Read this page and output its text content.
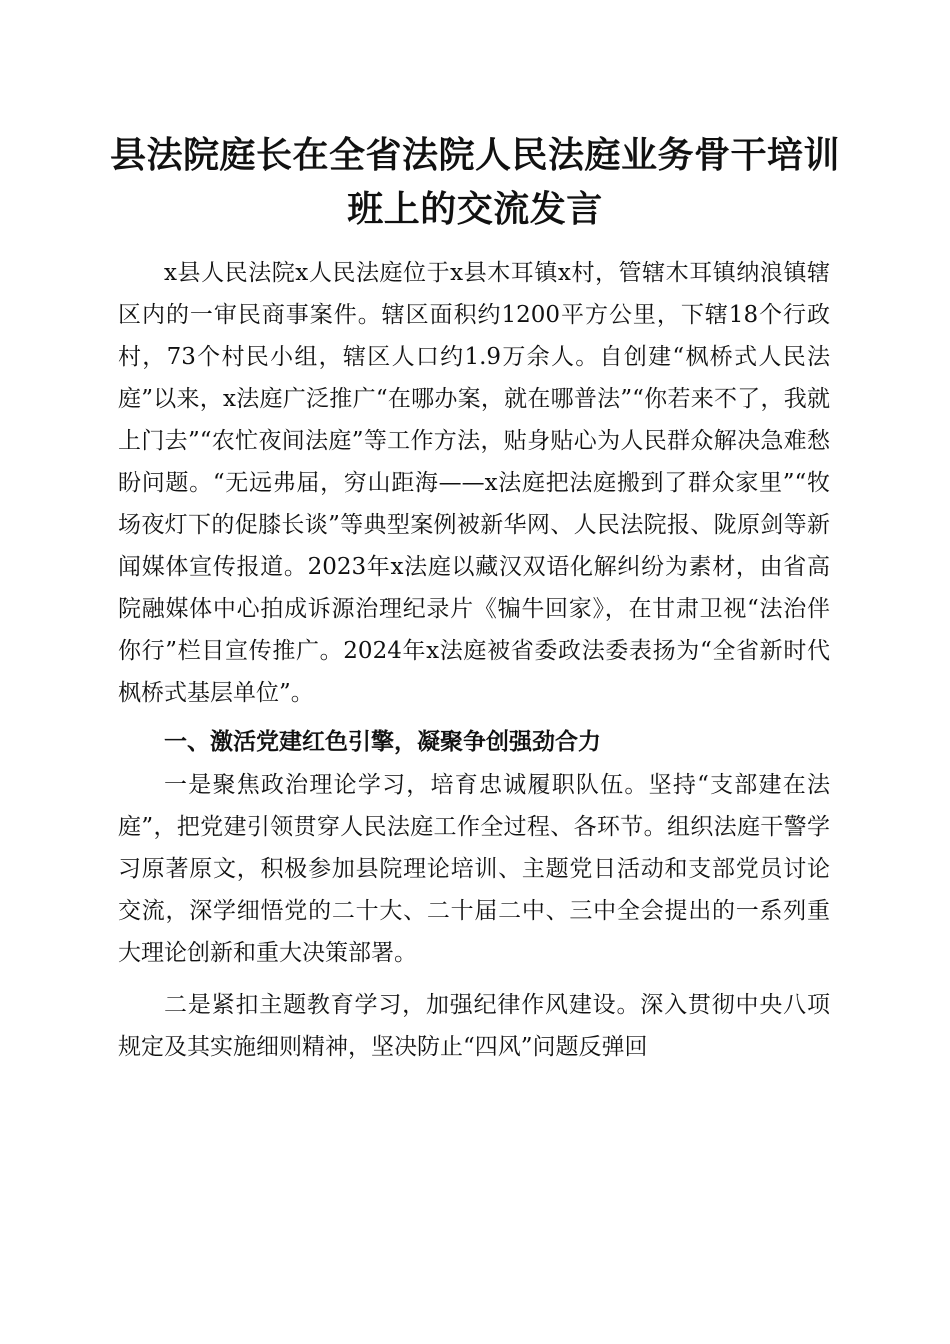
县法院庭长在全省法院人民法庭业务骨干培训
班上的交流发言

x县人民法院x人民法庭位于x县木耳镇x村，管辖木耳镇纳浪镇辖区内的一审民商事案件。辖区面积约1200平方公里，下辖18个行政村，73个村民小组，辖区人口约1.9万余人。自创建“枫桥式人民法庭”以来，x法庭广泛推广“在哪办案，就在哪普法”“你若来不了，我就上门去”“农忙夜间法庭”等工作方法，贴身贴心为人民群众解决急难愁盼问题。“无远弗届，穷山距海——x法庭把法庭搬到了群众家里”“牧场夜灯下的促膝长谈”等典型案例被新华网、人民法院报、陇原剑等新闻媒体宣传报道。2023年x法庭以藏汉双语化解纠纷为素材，由省高院融媒体中心拍成诉源治理纪录片《犏牛回家》，在甘肃卫视“法治伴你行”栏目宣传推广。2024年x法庭被省委政法委表扬为“全省新时代枫桥式基层单位”。

一、激活党建红色引擎，凝聚争创强劲合力

一是聚焦政治理论学习，培育忠诚履职队伍。坚持“支部建在法庭”，把党建引领贯穿人民法庭工作全过程、各环节。组织法庭干警学习原著原文，积极参加县院理论培训、主题党日活动和支部党员讨论交流，深学细悟党的二十大、二十届二中、三中全会提出的一系列重大理论创新和重大决策部署。

二是紧扣主题教育学习，加强纪律作风建设。深入贯彻中央八项规定及其实施细则精神，坚决防止“四风”问题反弹回
